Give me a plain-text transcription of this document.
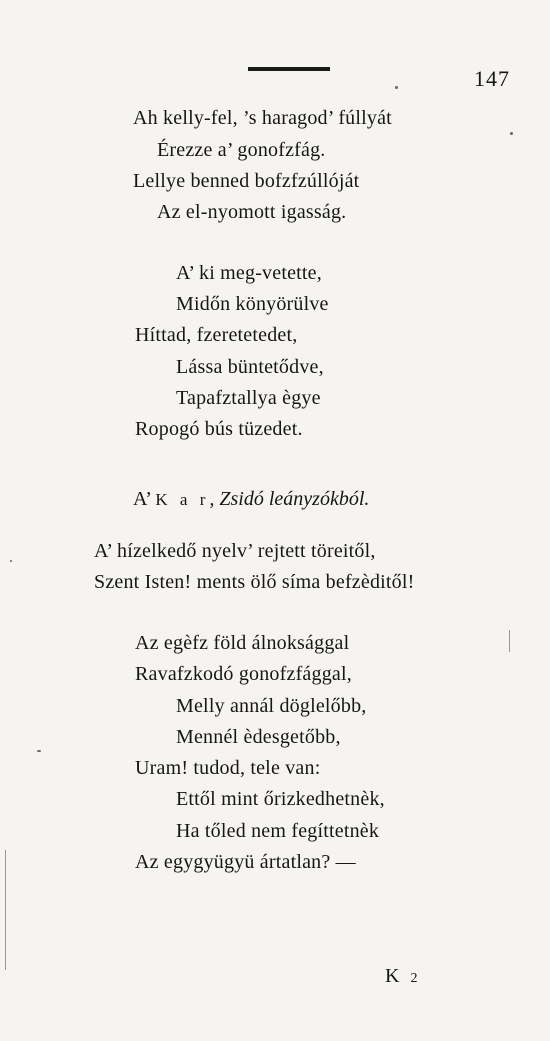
147
Ah kelly-fel, ’s haragod’ fúllyát
Érezze a’ gonofzfág.
Lellye benned bofzfzúllóját
Az el-nyomott igasság.
A’ ki meg-vetette,
Midőn könyörülve
Híttad, fzeretetedet,
Lássa büntetődve,
Tapafztallya ègye
Ropogó bús tüzedet.
A’ K a r, Zsidó leányzókból.
A’ hízelkedő nyelv’ rejtett töreitől,
Szent Isten! ments ölő síma befzèditől!
Az egèfz föld álnoksággal
Ravafzkodó gonofzfággal,
Melly annál döglelőbb,
Mennél èdesgetőbb,
Uram! tudod, tele van:
Ettől mint őrizkedhetnèk,
Ha tőled nem fegíttetnèk
Az egygyügyü ártatlan? —
K 2
